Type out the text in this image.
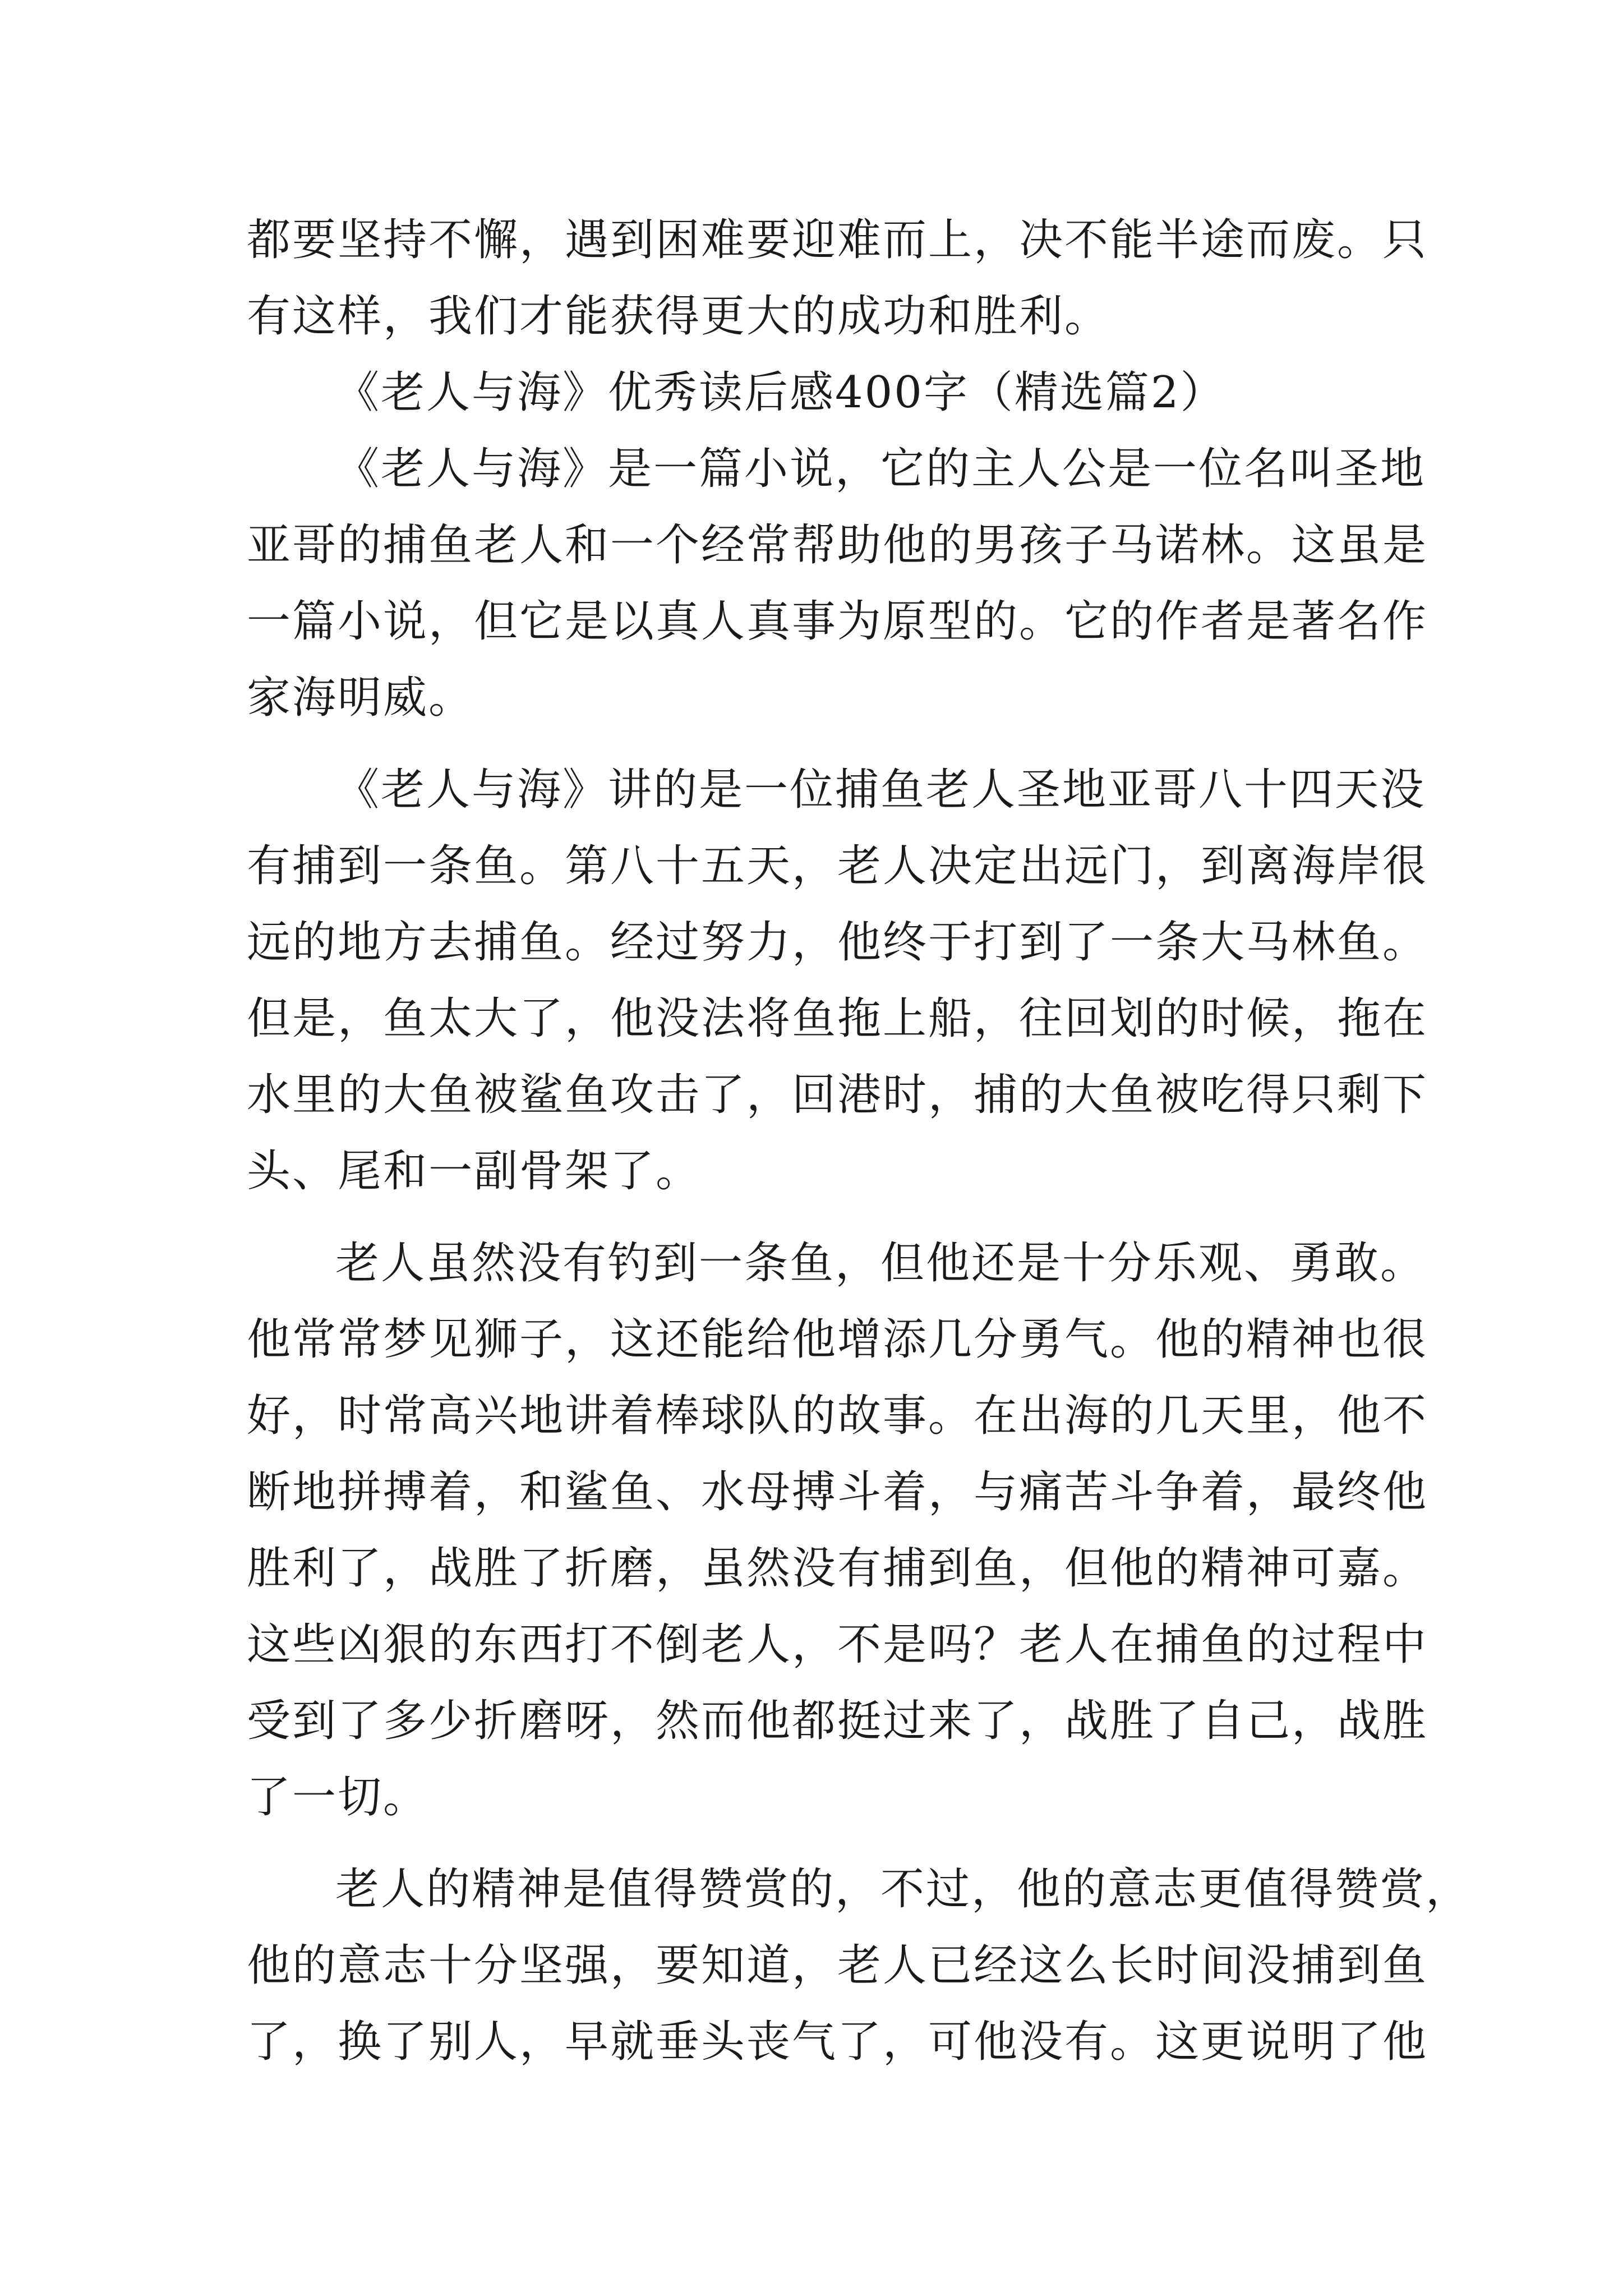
都要坚持不懈，遇到困难要迎难而上，决不能半途而废。只
有这样，我们才能获得更大的成功和胜利。
《老人与海》优秀读后感400字（精选篇2）
《老人与海》是一篇小说，它的主人公是一位名叫圣地
亚哥的捕鱼老人和一个经常帮助他的男孩子马诺林。这虽是
一篇小说，但它是以真人真事为原型的。它的作者是著名作
家海明威。
《老人与海》讲的是一位捕鱼老人圣地亚哥八十四天没
有捕到一条鱼。第八十五天，老人决定出远门，到离海岸很
远的地方去捕鱼。经过努力，他终于打到了一条大马林鱼。
但是，鱼太大了，他没法将鱼拖上船，往回划的时候，拖在
水里的大鱼被鲨鱼攻击了，回港时，捕的大鱼被吃得只剩下
头、尾和一副骨架了。
老人虽然没有钓到一条鱼，但他还是十分乐观、勇敢。
他常常梦见狮子，这还能给他增添几分勇气。他的精神也很
好，时常高兴地讲着棒球队的故事。在出海的几天里，他不
断地拼搏着，和鲨鱼、水母搏斗着，与痛苦斗争着，最终他
胜利了，战胜了折磨，虽然没有捕到鱼，但他的精神可嘉。
这些凶狠的东西打不倒老人，不是吗？老人在捕鱼的过程中
受到了多少折磨呀，然而他都挺过来了，战胜了自己，战胜
了一切。
老人的精神是值得赞赏的，不过，他的意志更值得赞赏，
他的意志十分坚强，要知道，老人已经这么长时间没捕到鱼
了，换了别人，早就垂头丧气了，可他没有。这更说明了他
